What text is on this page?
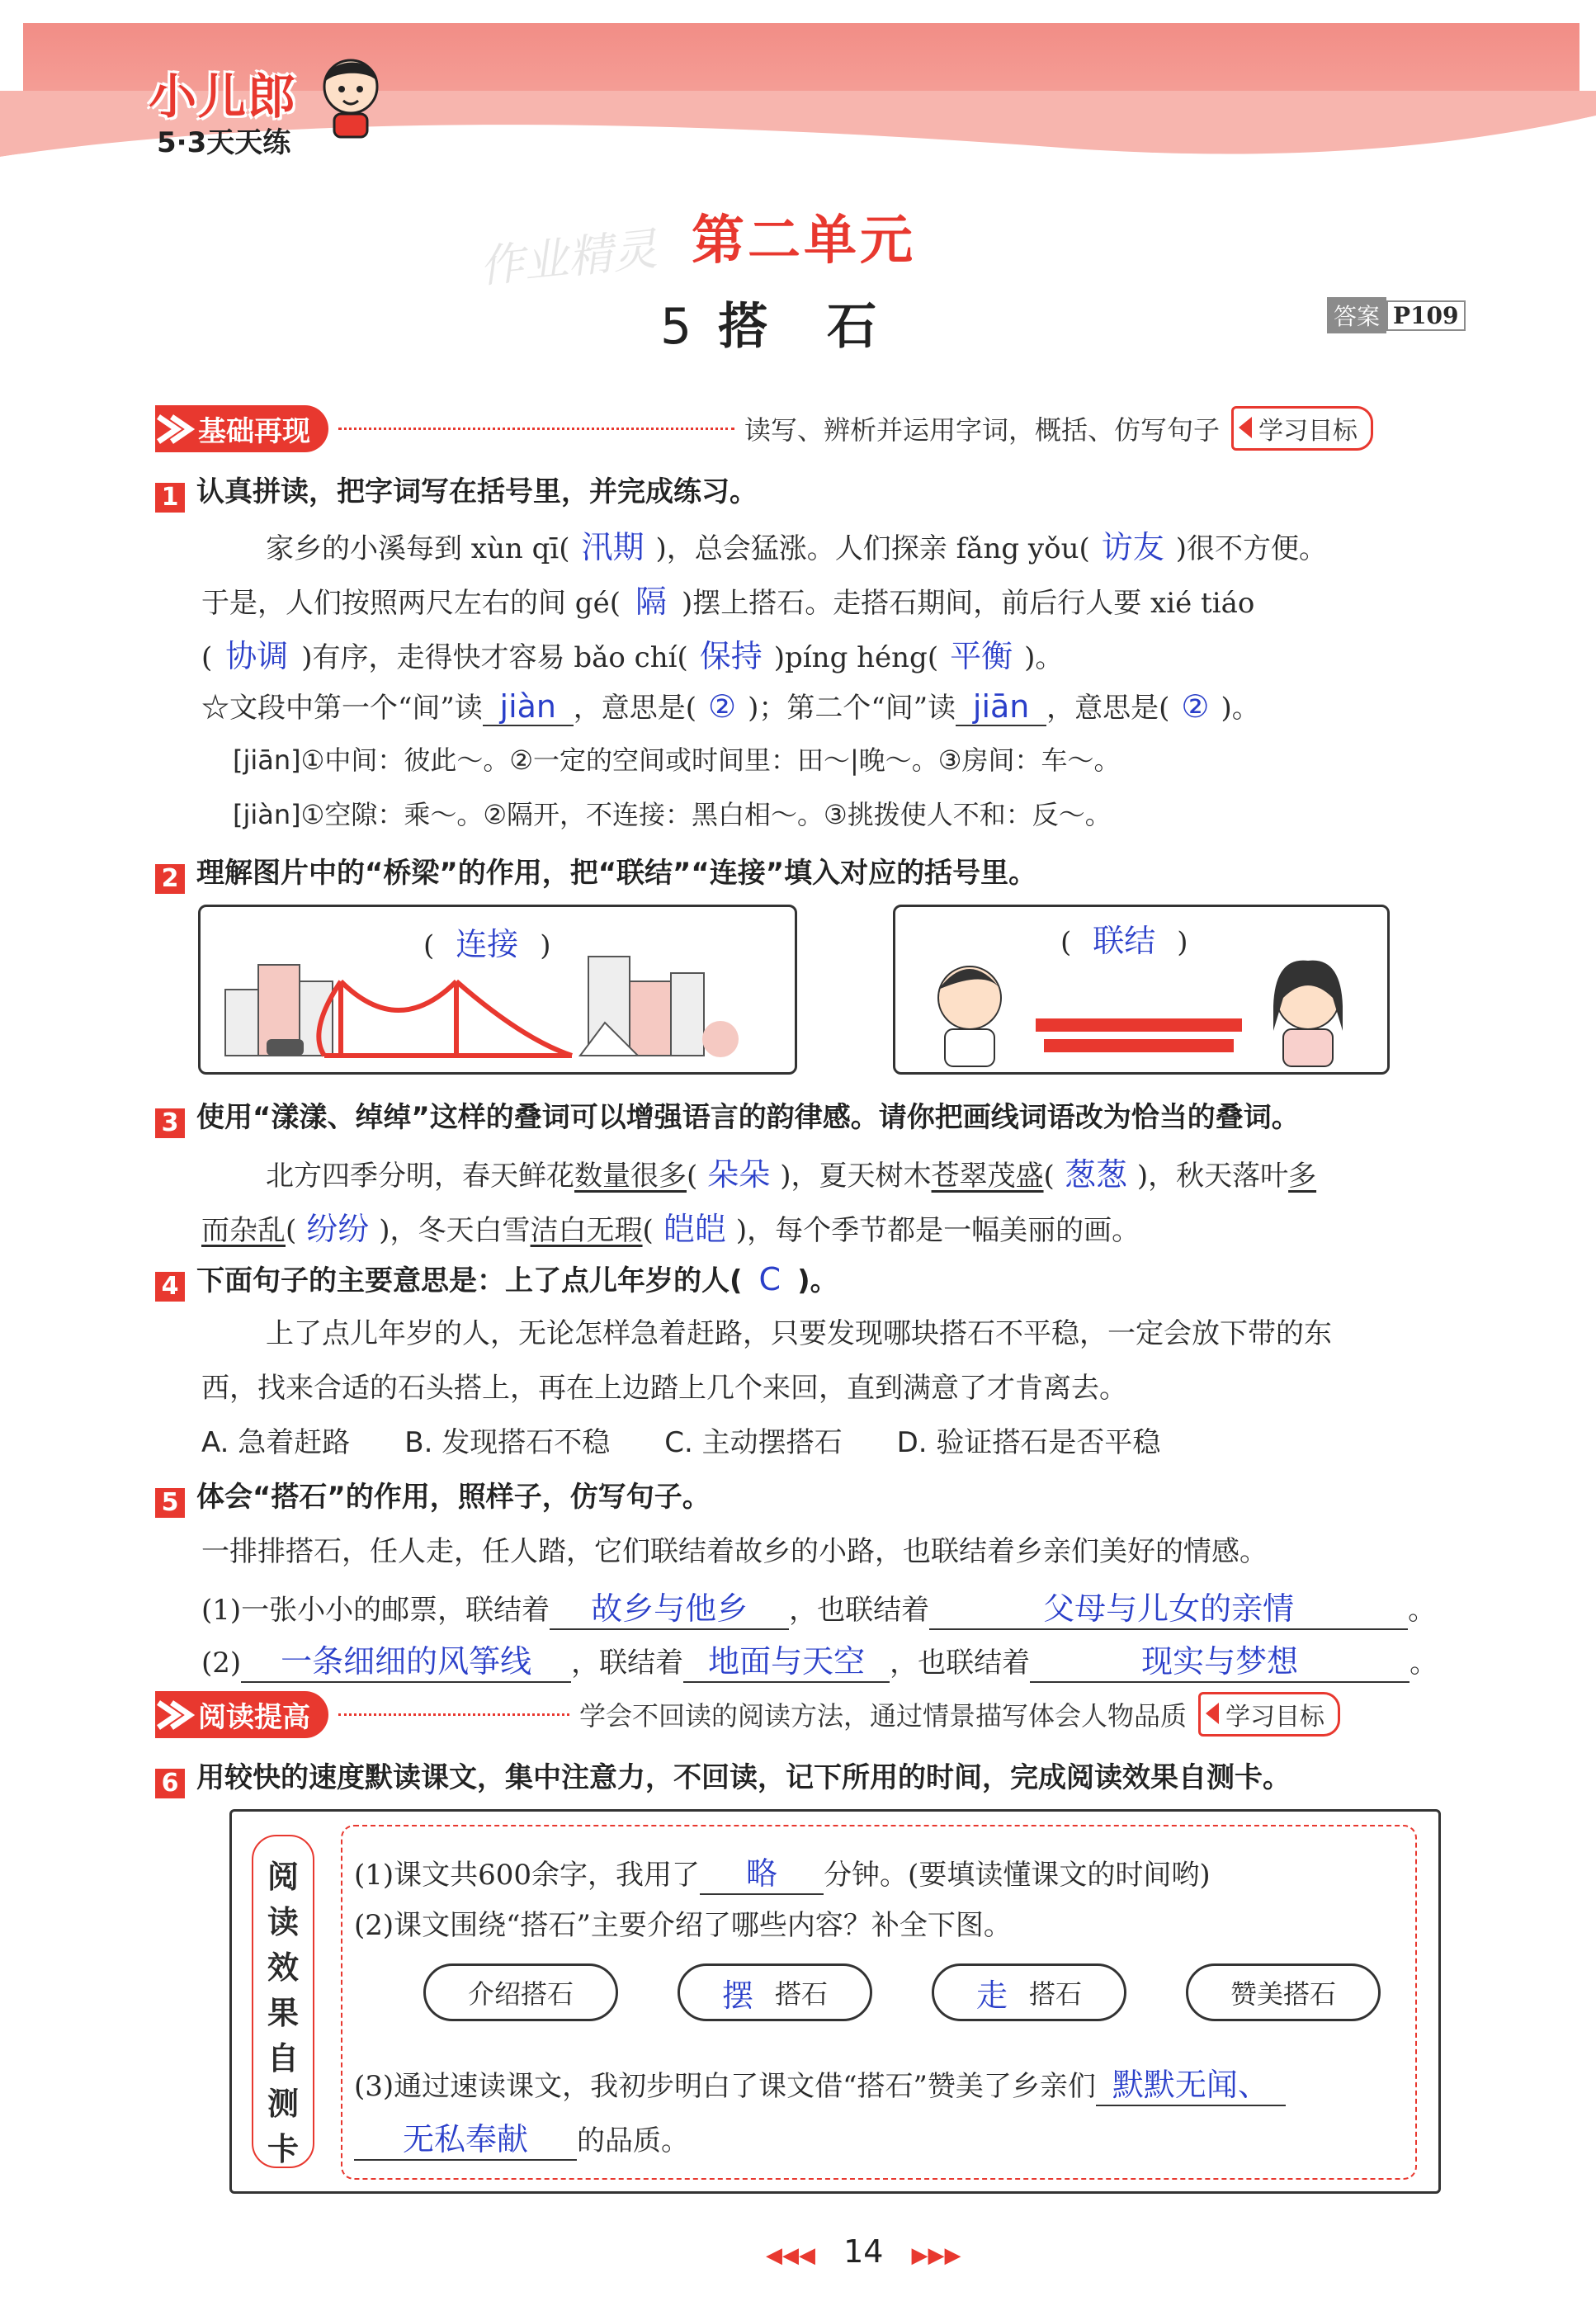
小儿郎
5·3天天练
作业精灵 第二单元
5 搭　石	答案 P109
基础再现	读写、辨析并运用字词，概括、仿写句子	学习目标
1 认真拼读，把字词写在括号里，并完成练习。
家乡的小溪每到 xùn qī( 汛期 )，总会猛涨。人们探亲 fǎng yǒu( 访友 )很不方便。
于是，人们按照两尺左右的间 gé( 隔 )摆上搭石。走搭石期间，前后行人要 xié tiáo
( 协调 )有序，走得快才容易 bǎo chí( 保持 )píng héng( 平衡 )。
☆文段中第一个“间”读 jiàn ，意思是( ② )；第二个“间”读 jiān ，意思是( ② )。
[jiān]①中间：彼此～。②一定的空间或时间里：田～|晚～。③房间：车～。
[jiàn]①空隙：乘～。②隔开，不连接：黑白相～。③挑拨使人不和：反～。
2 理解图片中的“桥梁”的作用，把“联结”“连接”填入对应的括号里。
( 连接 )	( 联结 )
3 使用“漾漾、绰绰”这样的叠词可以增强语言的韵律感。请你把画线词语改为恰当的叠词。
北方四季分明，春天鲜花数量很多( 朵朵 )，夏天树木苍翠茂盛( 葱葱 )，秋天落叶多
而杂乱( 纷纷 )，冬天白雪洁白无瑕( 皑皑 )，每个季节都是一幅美丽的画。
4 下面句子的主要意思是：上了点儿年岁的人( C )。
上了点儿年岁的人，无论怎样急着赶路，只要发现哪块搭石不平稳，一定会放下带的东
西，找来合适的石头搭上，再在上边踏上几个来回，直到满意了才肯离去。
A. 急着赶路 B. 发现搭石不稳 C. 主动摆搭石 D. 验证搭石是否平稳
5 体会“搭石”的作用，照样子，仿写句子。
一排排搭石，任人走，任人踏，它们联结着故乡的小路，也联结着乡亲们美好的情感。
(1)一张小小的邮票，联结着 故乡与他乡 ，也联结着	父母与儿女的亲情	。
(2) 一条细细的风筝线 ，联结着 地面与天空 ，也联结着	现实与梦想	。
阅读提高	学会不回读的阅读方法，通过情景描写体会人物品质	学习目标
6 用较快的速度默读课文，集中注意力，不回读，记下所用的时间，完成阅读效果自测卡。
阅
读
效
果
自
测
卡
(1)课文共600余字，我用了 略 分钟。(要填读懂课文的时间哟)
(2)课文围绕“搭石”主要介绍了哪些内容？补全下图。
介绍搭石	摆 搭石	走 搭石	赞美搭石
(3)通过速读课文，我初步明白了课文借“搭石”赞美了乡亲们 默默无闻、
无私奉献 的品质。
◀◀◀ 14 ▶▶▶
